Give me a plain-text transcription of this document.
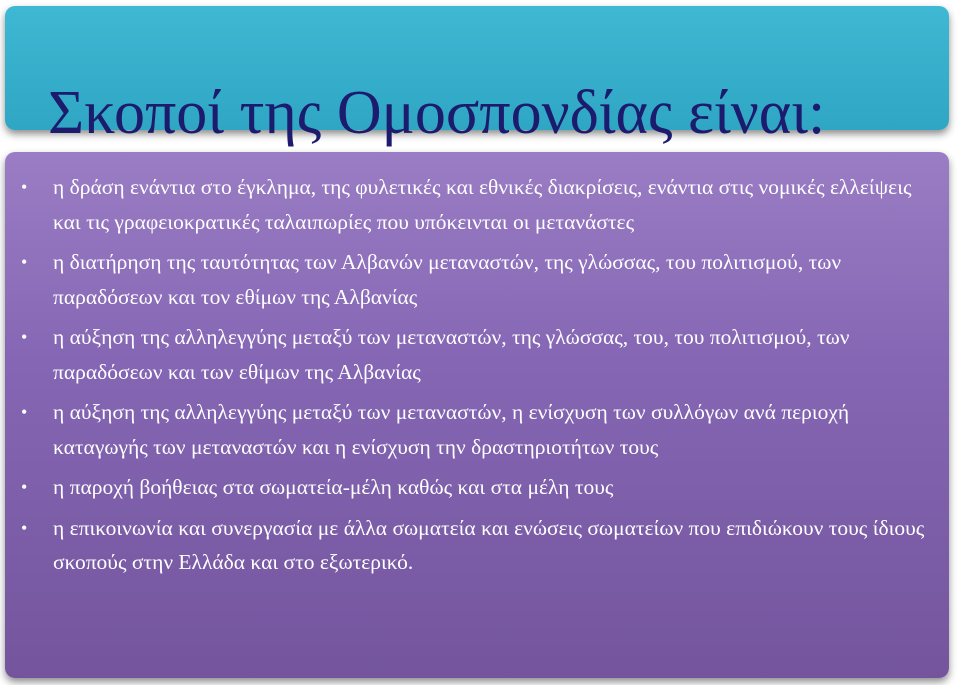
Σκοποί της Ομοσπονδίας είναι:
• η δράση ενάντια στο έγκλημα, της φυλετικές και εθνικές διακρίσεις, ενάντια στις νομικές ελλείψεις και τις γραφειοκρατικές ταλαιπωρίες που υπόκεινται οι μετανάστες
• η διατήρηση της ταυτότητας των Αλβανών μεταναστών, της γλώσσας, του πολιτισμού, των παραδόσεων και τον εθίμων της Αλβανίας
• η αύξηση της αλληλεγγύης μεταξύ των μεταναστών, της γλώσσας, του, του πολιτισμού, των παραδόσεων και των εθίμων της Αλβανίας
• η αύξηση της αλληλεγγύης μεταξύ των μεταναστών, η ενίσχυση των συλλόγων ανά περιοχή καταγωγής των μεταναστών και η ενίσχυση την δραστηριοτήτων τους
• η παροχή βοήθειας στα σωματεία-μέλη καθώς και στα μέλη τους
• η επικοινωνία και συνεργασία με άλλα σωματεία και ενώσεις σωματείων που επιδιώκουν τους ίδιους σκοπούς στην Ελλάδα και στο εξωτερικό.
